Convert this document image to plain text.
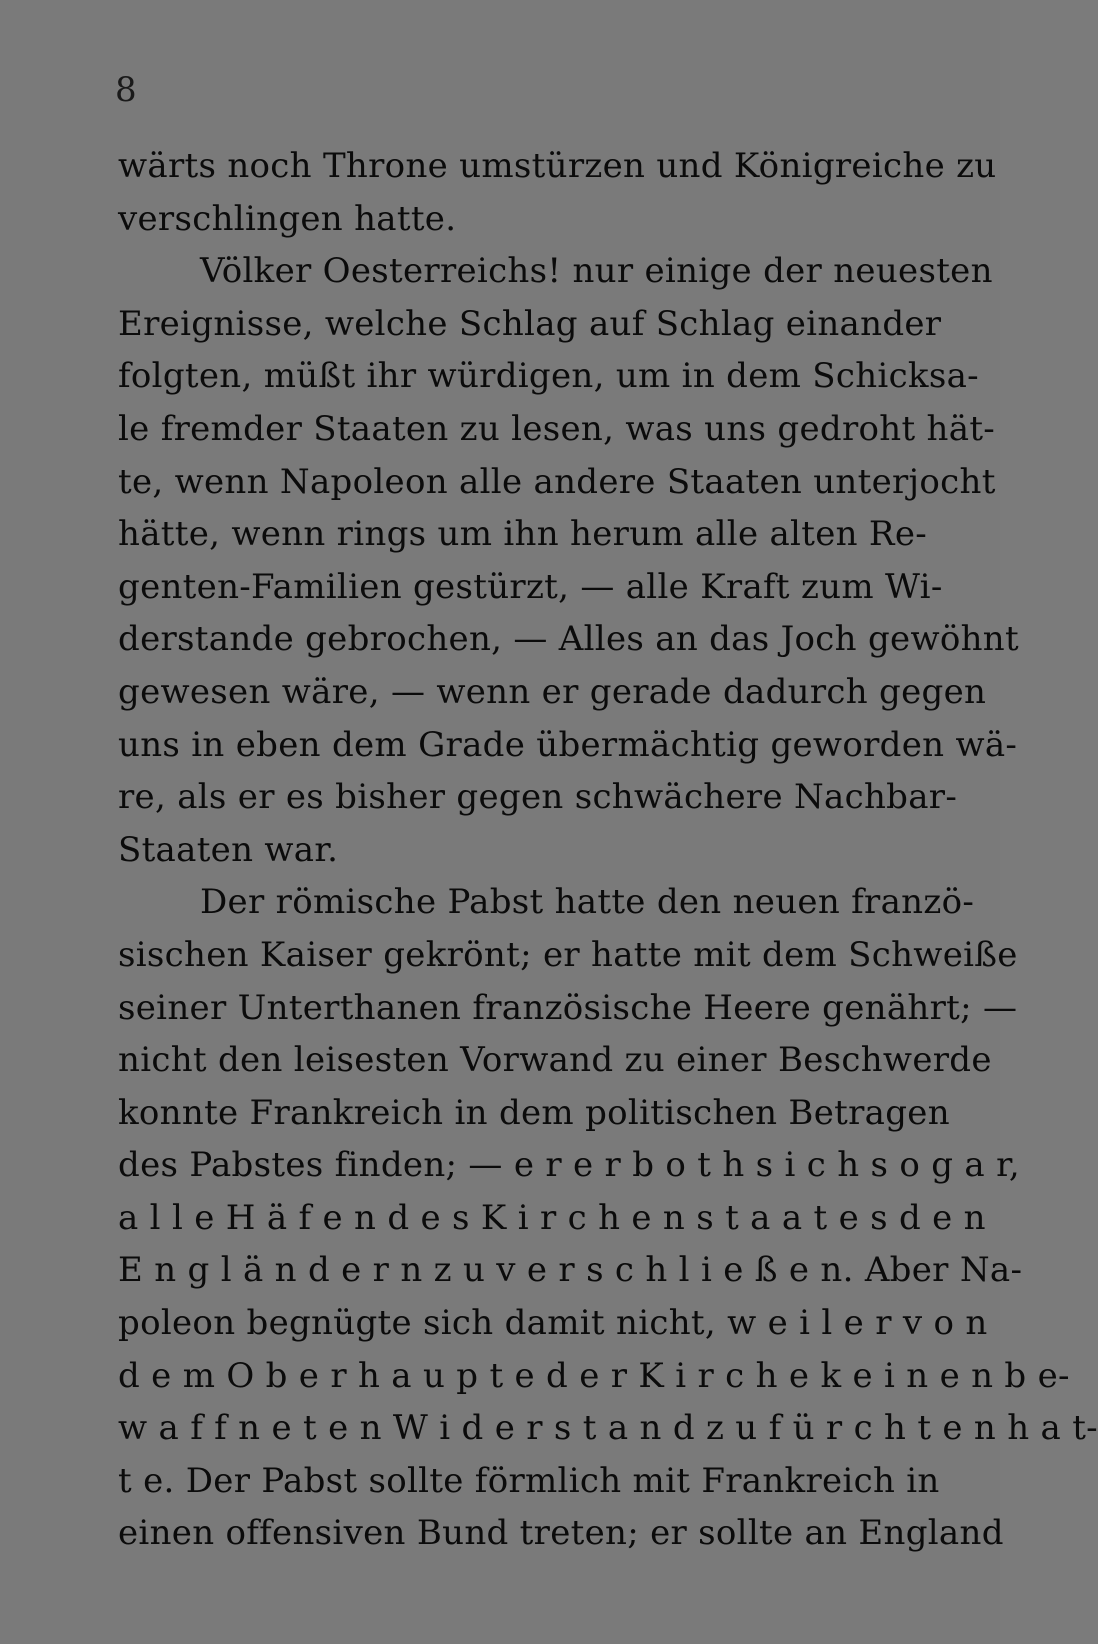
8
wärts noch Throne umstürzen und Königreiche zu
verschlingen hatte.
Völker Oesterreichs! nur einige der neuesten
Ereignisse, welche Schlag auf Schlag einander
folgten, müßt ihr würdigen, um in dem Schicksa-
le fremder Staaten zu lesen, was uns gedroht hät-
te, wenn Napoleon alle andere Staaten unterjocht
hätte, wenn rings um ihn herum alle alten Re-
genten-Familien gestürzt, — alle Kraft zum Wi-
derstande gebrochen, — Alles an das Joch gewöhnt
gewesen wäre, — wenn er gerade dadurch gegen
uns in eben dem Grade übermächtig geworden wä-
re, als er es bisher gegen schwächere Nachbar-
Staaten war.
Der römische Pabst hatte den neuen franzö-
sischen Kaiser gekrönt; er hatte mit dem Schweiße
seiner Unterthanen französische Heere genährt; —
nicht den leisesten Vorwand zu einer Beschwerde
konnte Frankreich in dem politischen Betragen
des Pabstes finden; — e r e r b o t h s i c h s o g a r,
a l l e H ä f e n d e s K i r c h e n s t a a t e s d e n
E n g l ä n d e r n z u v e r s c h l i e ß e n. Aber Na-
poleon begnügte sich damit nicht, w e i l e r v o n
d e m O b e r h a u p t e d e r K i r c h e k e i n e n b e-
w a f f n e t e n W i d e r s t a n d z u f ü r c h t e n h a t-
t e. Der Pabst sollte förmlich mit Frankreich in
einen offensiven Bund treten; er sollte an England
